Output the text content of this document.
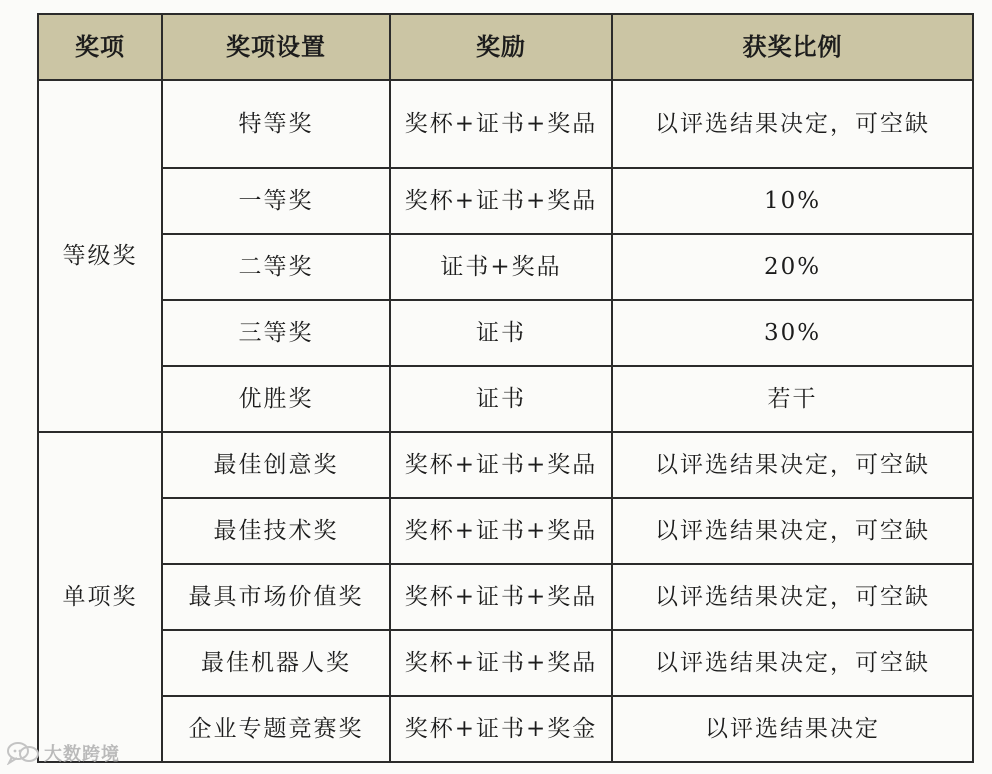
奖项	奖项设置	奖励	获奖比例
等级奖	特等奖	奖杯+证书+奖品	以评选结果决定，可空缺
	一等奖	奖杯+证书+奖品	10%
	二等奖	证书+奖品	20%
	三等奖	证书	30%
	优胜奖	证书	若干
单项奖	最佳创意奖	奖杯+证书+奖品	以评选结果决定，可空缺
	最佳技术奖	奖杯+证书+奖品	以评选结果决定，可空缺
	最具市场价值奖	奖杯+证书+奖品	以评选结果决定，可空缺
	最佳机器人奖	奖杯+证书+奖品	以评选结果决定，可空缺
	企业专题竞赛奖	奖杯+证书+奖金	以评选结果决定
大数跨境
